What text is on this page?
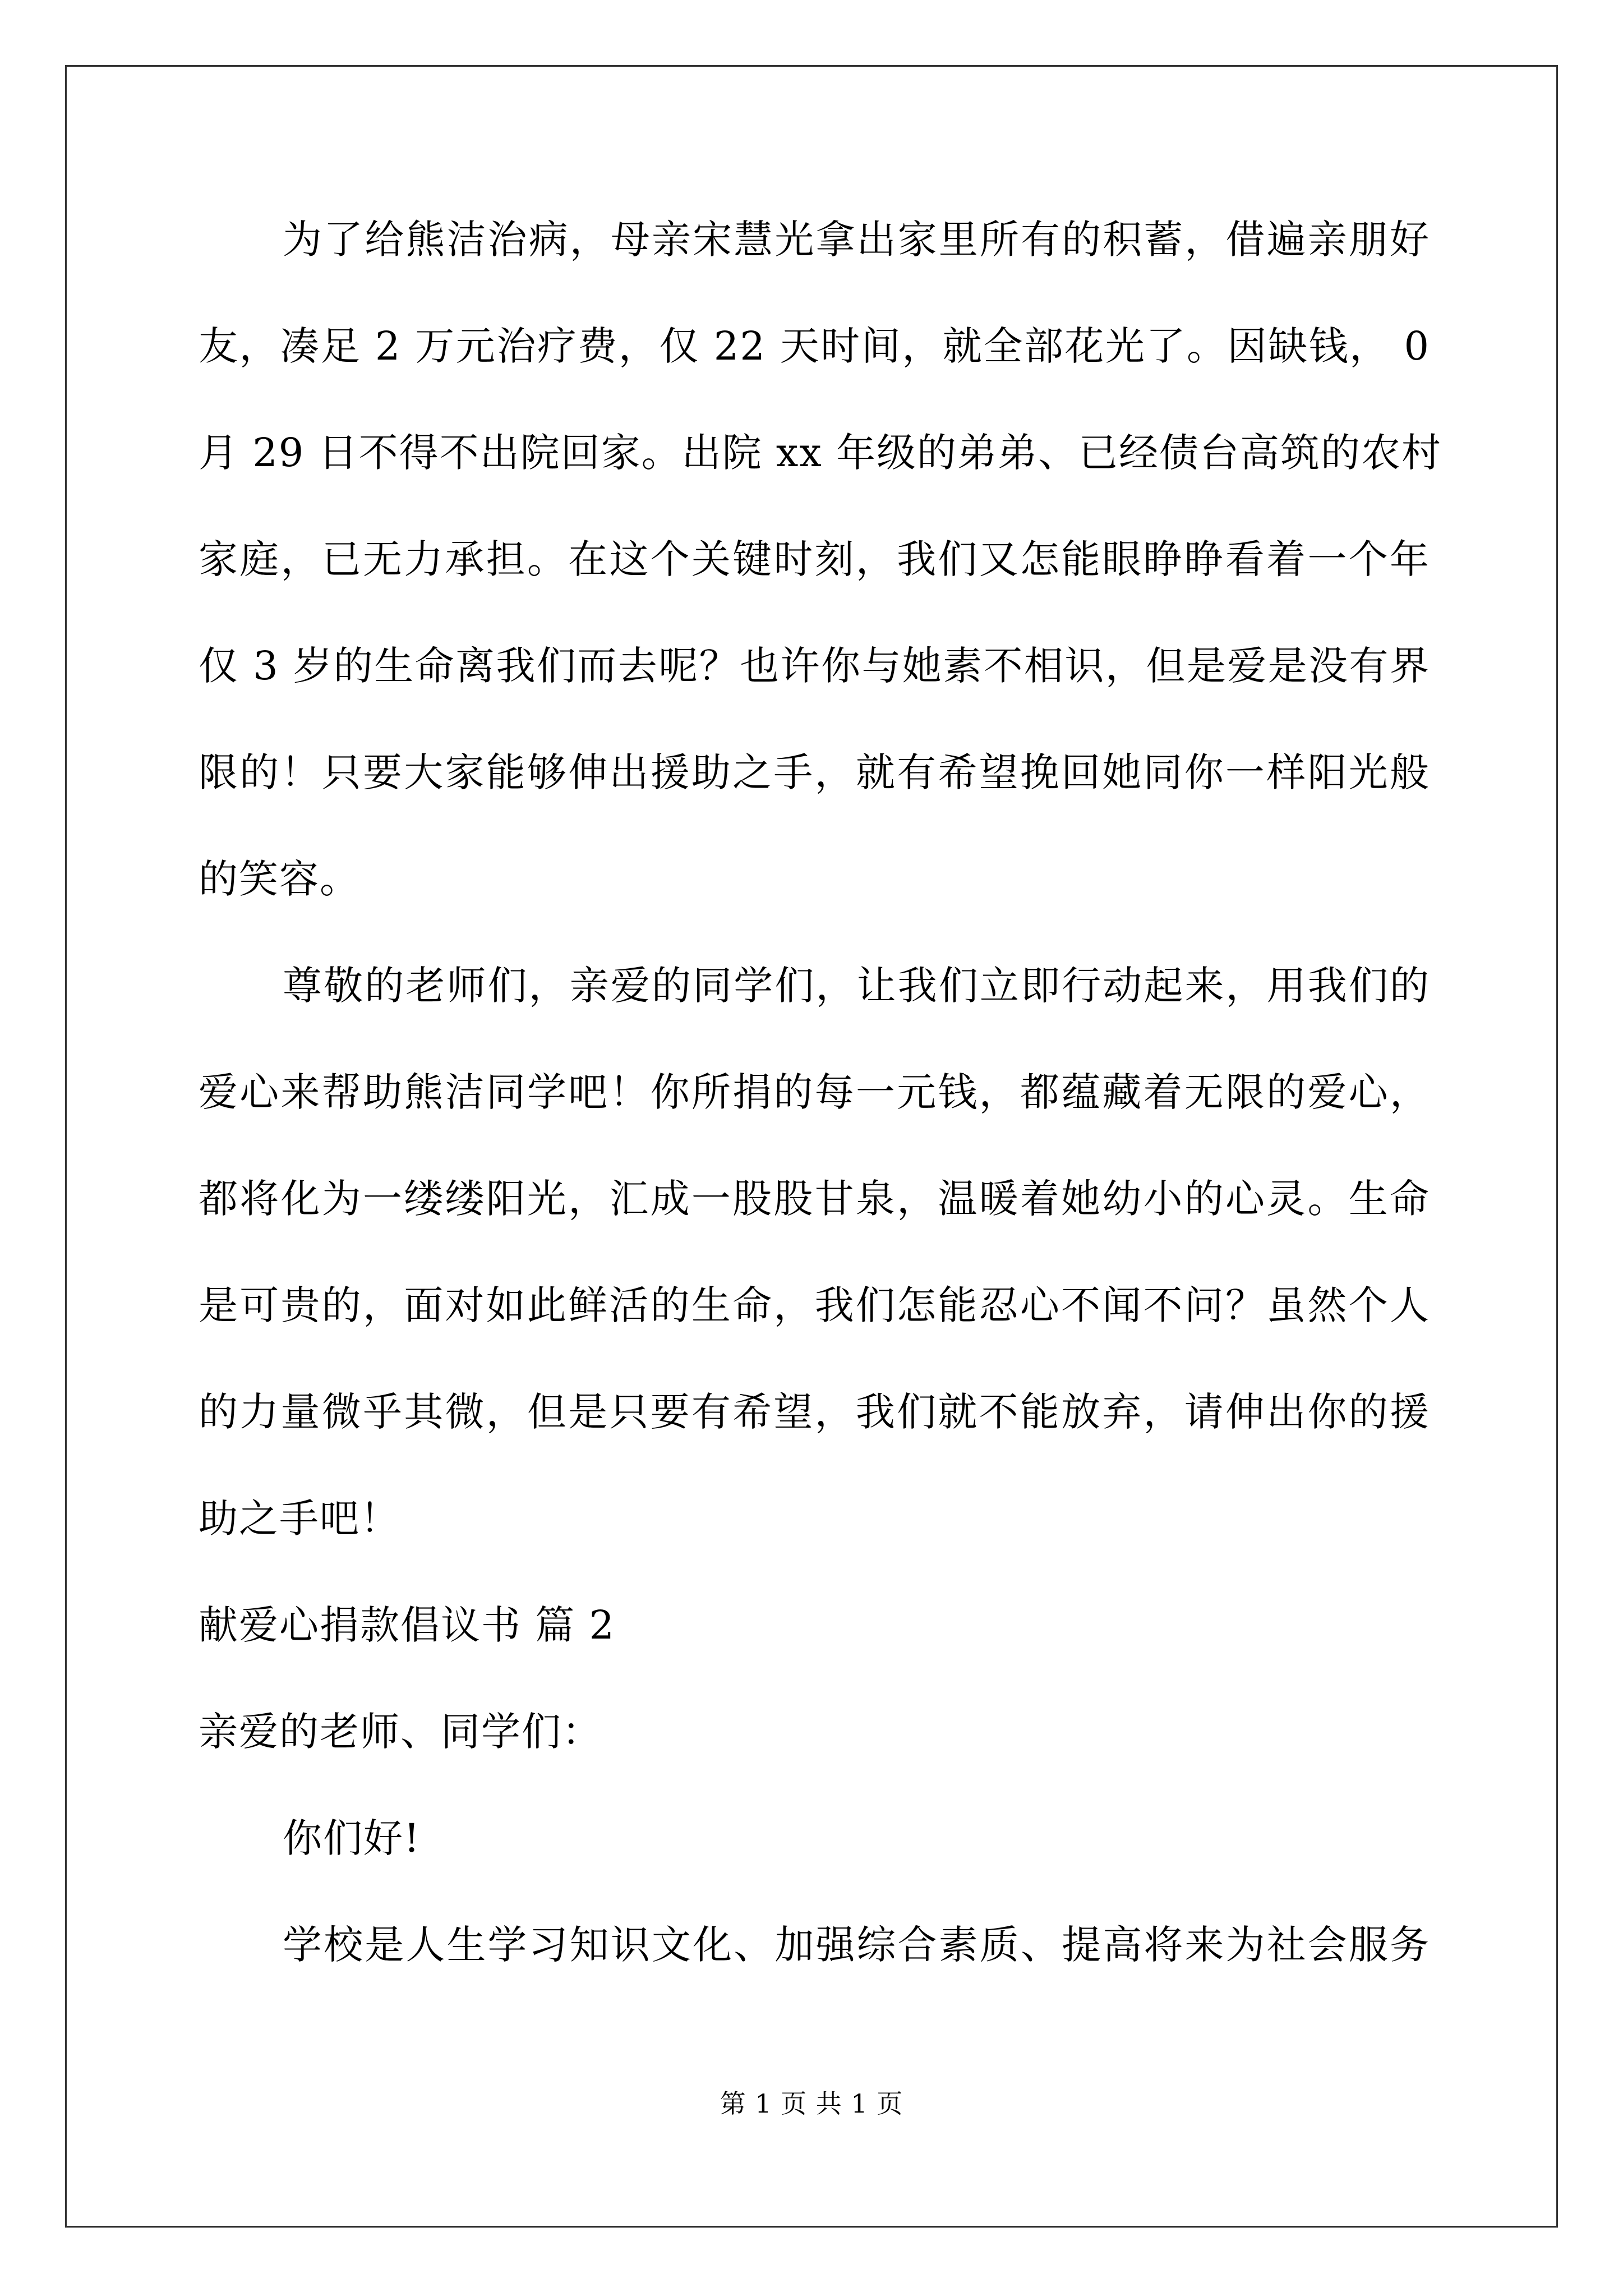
为了给熊洁治病，母亲宋慧光拿出家里所有的积蓄，借遍亲朋好
友，凑足 2 万元治疗费，仅 22 天时间，就全部花光了。因缺钱， 0
月 29 日不得不出院回家。出院 xx 年级的弟弟、已经债台高筑的农村
家庭，已无力承担。在这个关键时刻，我们又怎能眼睁睁看着一个年
仅 3 岁的生命离我们而去呢？也许你与她素不相识，但是爱是没有界
限的！只要大家能够伸出援助之手，就有希望挽回她同你一样阳光般
的笑容。
尊敬的老师们，亲爱的同学们，让我们立即行动起来，用我们的
爱心来帮助熊洁同学吧！你所捐的每一元钱，都蕴藏着无限的爱心，
都将化为一缕缕阳光，汇成一股股甘泉，温暖着她幼小的心灵。生命
是可贵的，面对如此鲜活的生命，我们怎能忍心不闻不问？虽然个人
的力量微乎其微，但是只要有希望，我们就不能放弃，请伸出你的援
助之手吧！
献爱心捐款倡议书 篇 2
亲爱的老师、同学们：
你们好!
学校是人生学习知识文化、加强综合素质、提高将来为社会服务
第 1 页 共 1 页
